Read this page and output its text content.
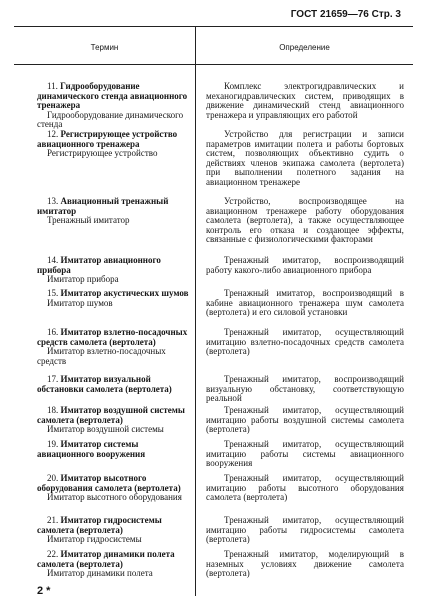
ГОСТ 21659—76 Стр. 3
Термин	Определение
11. Гидрооборудование динамического стенда авиационного тренажера
Гидрооборудование динамического стенда
Комплекс электрогидравлических и механогидравлических систем, приводящих в движение динамический стенд авиационного тренажера и управляющих его работой
12. Регистрирующее устройство авиационного тренажера
Регистрирующее устройство
Устройство для регистрации и записи параметров имитации полета и работы бортовых систем, позволяющих объективно судить о действиях членов экипажа самолета (вертолета) при выполнении полетного задания на авиационном тренажере
13. Авиационный тренажный имитатор
Тренажный имитатор
Устройство, воспроизводящее на авиационном тренажере работу оборудования самолета (вертолета), а также осуществляющее контроль его отказа и создающее эффекты, связанные с физиологическими факторами
14. Имитатор авиационного прибора
Имитатор прибора
Тренажный имитатор, воспроизводящий работу какого-либо авиационного прибора
15. Имитатор акустических шумов
Имитатор шумов
Тренажный имитатор, воспроизводящий в кабине авиационного тренажера шум самолета (вертолета) и его силовой установки
16. Имитатор взлетно-посадочных средств самолета (вертолета)
Имитатор взлетно-посадочных средств
Тренажный имитатор, осуществляющий имитацию взлетно-посадочных средств самолета (вертолета)
17. Имитатор визуальной обстановки самолета (вертолета)
Тренажный имитатор, воспроизводящий визуальную обстановку, соответствующую реальной
18. Имитатор воздушной системы самолета (вертолета)
Имитатор воздушной системы
Тренажный имитатор, осуществляющий имитацию работы воздушной системы самолета (вертолета)
19. Имитатор системы авиационного вооружения
Тренажный имитатор, осуществляющий имитацию работы системы авиационного вооружения
20. Имитатор высотного оборудования самолета (вертолета)
Имитатор высотного оборудования
Тренажный имитатор, осуществляющий имитацию работы высотного оборудования самолета (вертолета)
21. Имитатор гидросистемы самолета (вертолета)
Имитатор гидросистемы
Тренажный имитатор, осуществляющий имитацию работы гидросистемы самолета (вертолета)
22. Имитатор динамики полета самолета (вертолета)
Имитатор динамики полета
Тренажный имитатор, моделирующий в наземных условиях движение самолета (вертолета)
2 *
